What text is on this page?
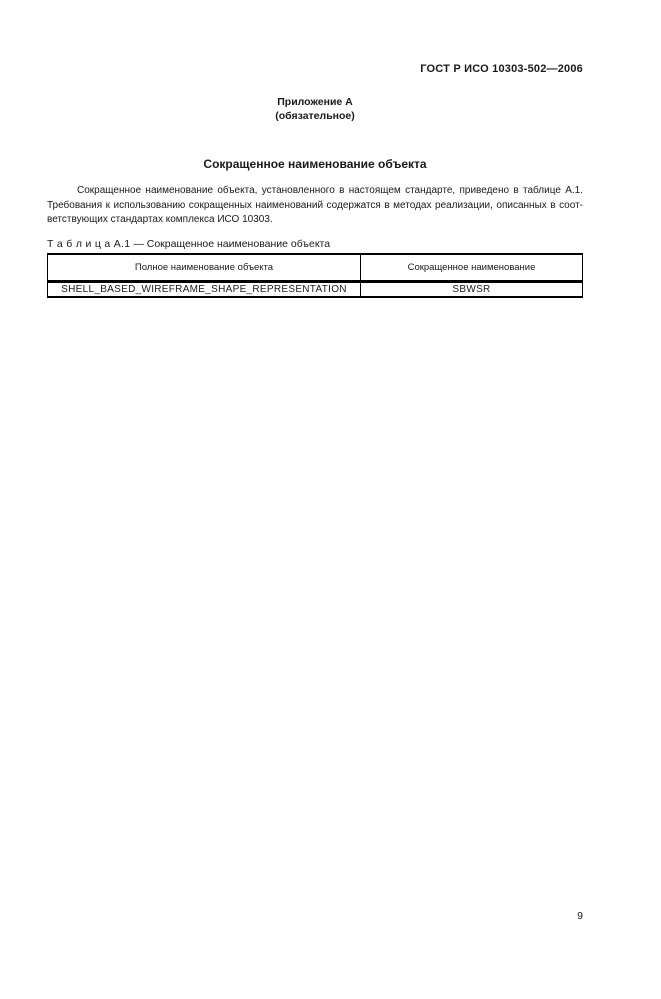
ГОСТ Р ИСО 10303-502—2006
Приложение А
(обязательное)
Сокращенное наименование объекта
Сокращенное наименование объекта, установленного в настоящем стандарте, приведено в таблице А.1.
Требования к использованию сокращенных наименований содержатся в методах реализации, описанных в соот-
ветствующих стандартах комплекса ИСО 10303.
Т а б л и ц а А.1 — Сокращенное наименование объекта
Полное наименование объекта	Сокращенное наименование
SHELL_BASED_WIREFRAME_SHAPE_REPRESENTATION	SBWSR
9
